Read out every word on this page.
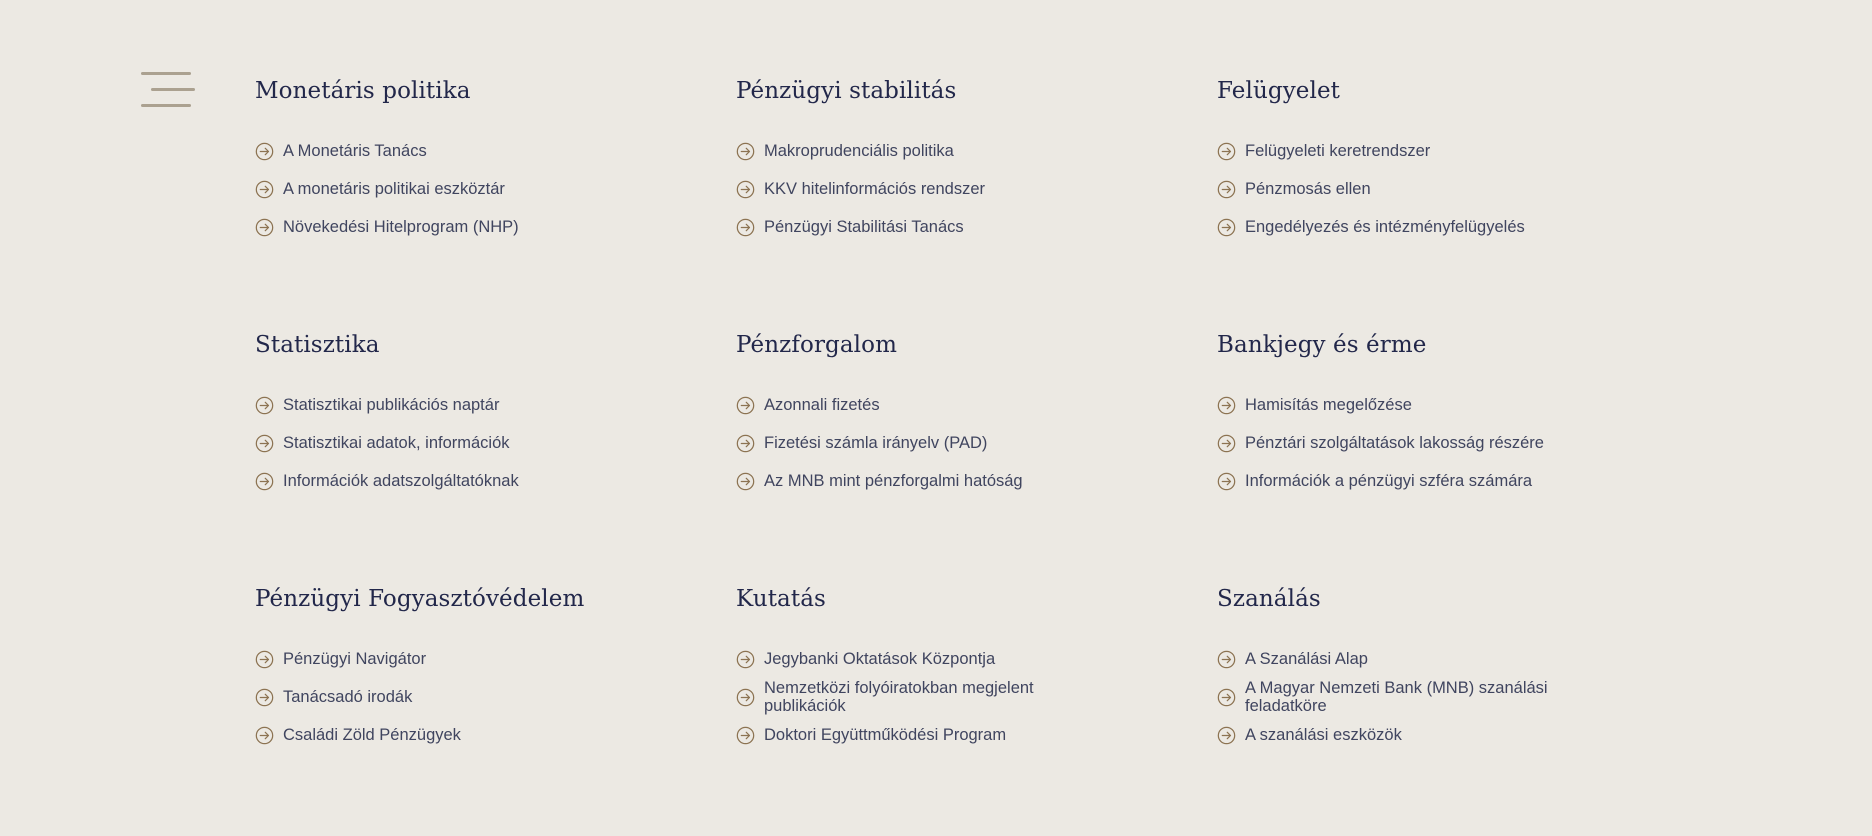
Monetáris politika
A Monetáris Tanács
A monetáris politikai eszköztár
Növekedési Hitelprogram (NHP)
Pénzügyi stabilitás
Makroprudenciális politika
KKV hitelinformációs rendszer
Pénzügyi Stabilitási Tanács
Felügyelet
Felügyeleti keretrendszer
Pénzmosás ellen
Engedélyezés és intézményfelügyelés
Statisztika
Statisztikai publikációs naptár
Statisztikai adatok, információk
Információk adatszolgáltatóknak
Pénzforgalom
Azonnali fizetés
Fizetési számla irányelv (PAD)
Az MNB mint pénzforgalmi hatóság
Bankjegy és érme
Hamisítás megelőzése
Pénztári szolgáltatások lakosság részére
Információk a pénzügyi szféra számára
Pénzügyi Fogyasztóvédelem
Pénzügyi Navigátor
Tanácsadó irodák
Családi Zöld Pénzügyek
Kutatás
Jegybanki Oktatások Központja
Nemzetközi folyóiratokban megjelent publikációk
Doktori Együttműködési Program
Szanálás
A Szanálási Alap
A Magyar Nemzeti Bank (MNB) szanálási feladatköre
A szanálási eszközök
